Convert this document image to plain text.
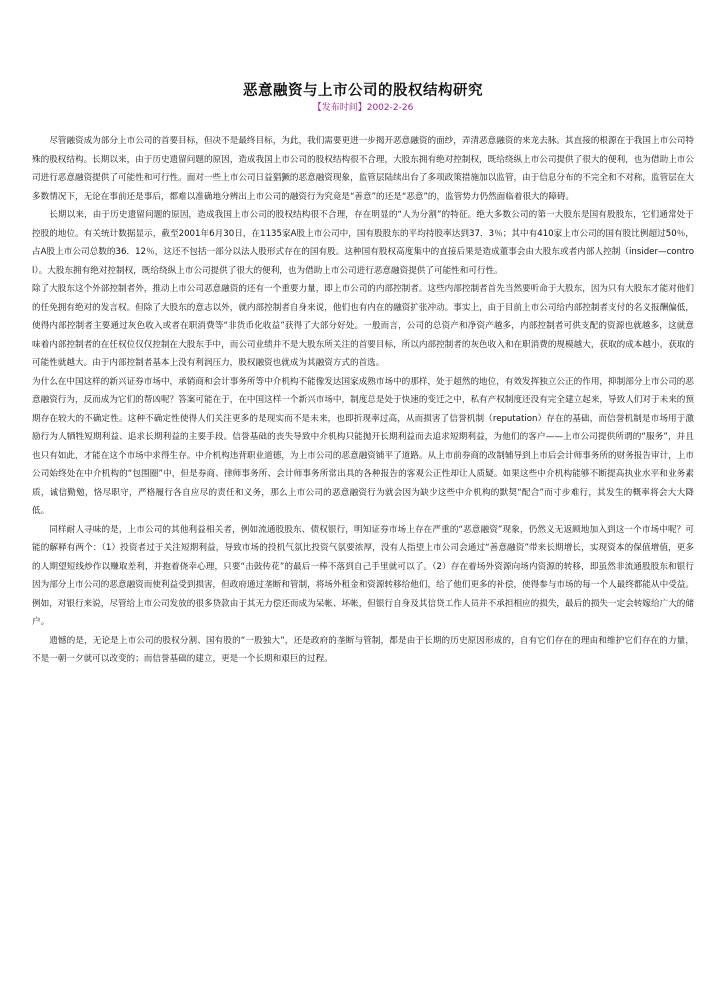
恶意融资与上市公司的股权结构研究
【发布时间】2002-2-26

尽管融资成为部分上市公司的首要目标，但决不是最终目标，为此，我们需要更进一步揭开恶意融资的面纱，弄清恶意融资的来龙去脉。其直接的根源在于我国上市公司特殊的股权结构。长期以来，由于历史遗留问题的原因，造成我国上市公司的股权结构很不合理，大股东拥有绝对控制权，既给绕纵上市公司提供了很大的便利，也为借助上市公司进行恶意融资提供了可能性和可行性。面对一些上市公司日益猖獗的恶意融资现象，监管层陆续出台了多项政策措施加以监管，由于信息分布的不完全和不对称，监管层在大多数情况下，无论在事前还是事后，都难以准确地分辨出上市公司的融资行为究竟是“善意”的还是“恶意”的，监管势力仍然面临着很大的障碍。

长期以来，由于历史遗留问题的原因，造成我国上市公司的股权结构很不合理，存在明显的“人为分割”的特征。绝大多数公司的第一大股东是国有股股东，它们通常处于控股的地位。有关统计数据显示，截至2001年6月30日，在1135家A股上市公司中，国有股股东的平均持股率达到37．3％；其中有410家上市公司的国有股比例超过50％，占A股上市公司总数的36．12％，这还不包括一部分以法人股形式存在的国有股。这种国有股权高度集中的直接后果是造成董事会由大股东或者内部人控制（insider—control）。大股东拥有绝对控制权，既给绕纵上市公司提供了很大的便利，也为借助上市公司进行恶意融资提供了可能性和可行性。

除了大股东这个外部控制者外，推动上市公司恶意融资的还有一个重要力量，即上市公司的内部控制者。这些内部控制者首先当然要听命于大股东，因为只有大股东才能对他们的任免拥有绝对的发言权。但除了大股东的意志以外，就内部控制者自身来说，他们也有内在的融资扩张冲动。事实上，由于目前上市公司给内部控制者支付的名义报酬偏低，使得内部控制者主要通过灰色收入或者在职消费等“非货币化收益”获得了大部分好处。一般而言，公司的总资产和净资产越多，内部控制者可供支配的资源也就越多，这就意味着内部控制者的在任权位仅仅控制在大股东手中，而公司业绩并不是大股东所关注的首要目标，所以内部控制者的灰色收入和在职消费的规模越大，获取的成本越小，获取的可能性就越大。由于内部控制者基本上没有利润压力，股权融资也就成为其融资方式的首选。

为什么在中国这样的新兴证券市场中，承销商和会计事务所等中介机构不能像发达国家成熟市场中的那样，处于超然的地位，有效发挥独立公正的作用，抑制部分上市公司的恶意融资行为，反而成为它们的帮凶呢？答案可能在于，在中国这样一个新兴市场中，制度总是处于快速的变迁之中，私有产权制度还没有完全建立起来，导致人们对于未来的预期存在较大的不确定性。这种不确定性使得人们关注更多的是现实而不是未来，也即折现率过高，从而损害了信誉机制（reputation）存在的基础，而信誉机制是市场用于激励行为人牺牲短期利益、追求长期利益的主要手段。信誉基础的丧失导致中介机构只能抛开长期利益而去追求短期利益，为他们的客户——上市公司提供所谓的“服务”，并且也只有如此，才能在这个市场中求得生存。中介机构违背职业道德，为上市公司的恶意融资铺平了道路。从上市前券商的改制辅导到上市后会计师事务所的财务报告审计，上市公司始终处在中介机构的“包围圈”中，但是券商、律师事务所、会计师事务所常出具的各种报告的客观公正性却让人质疑。如果这些中介机构能够不断提高执业水平和业务素质，诚信勤勉，恪尽职守，严格履行各自应尽的责任和义务，那么上市公司的恶意融资行为就会因为缺少这些中介机构的默契“配合”而寸步难行，其发生的概率将会大大降低。

同样耐人寻味的是，上市公司的其他利益相关者，例如流通股股东、债权银行，明知证券市场上存在严重的“恶意融资”现象，仍然义无返顾地加入到这一个市场中呢？可能的解释有两个：（1）投资者过于关注短期利益，导致市场的投机气氛比投资气氛要浓厚，没有人指望上市公司会通过“善意融资”带来长期增长，实现资本的保值增值，更多的人期望短线炒作以赚取差利，并抱着侥幸心理，只要“击鼓传花”的最后一棒不落到自己手里就可以了。（2）存在着场外资源向场内资源的转移，即虽然非流通股股东和银行因为部分上市公司的恶意融资而使利益受到损害，但政府通过垄断和管制，将场外租金和资源转移给他们，给了他们更多的补偿，使得参与市场的每一个人最终都能从中受益。例如，对银行来说，尽管给上市公司发放的很多贷款由于其无力偿还而成为呆帐、坏帐，但银行自身及其信贷工作人员并不承担相应的损失，最后的损失一定会转嫁给广大的储户。

遗憾的是，无论是上市公司的股权分割、国有股的“一股独大”，还是政府的垄断与管制，都是由于长期的历史原因形成的，自有它们存在的理由和维护它们存在的力量，不是一朝一夕就可以改变的；而信誉基础的建立，更是一个长期和艰巨的过程。
